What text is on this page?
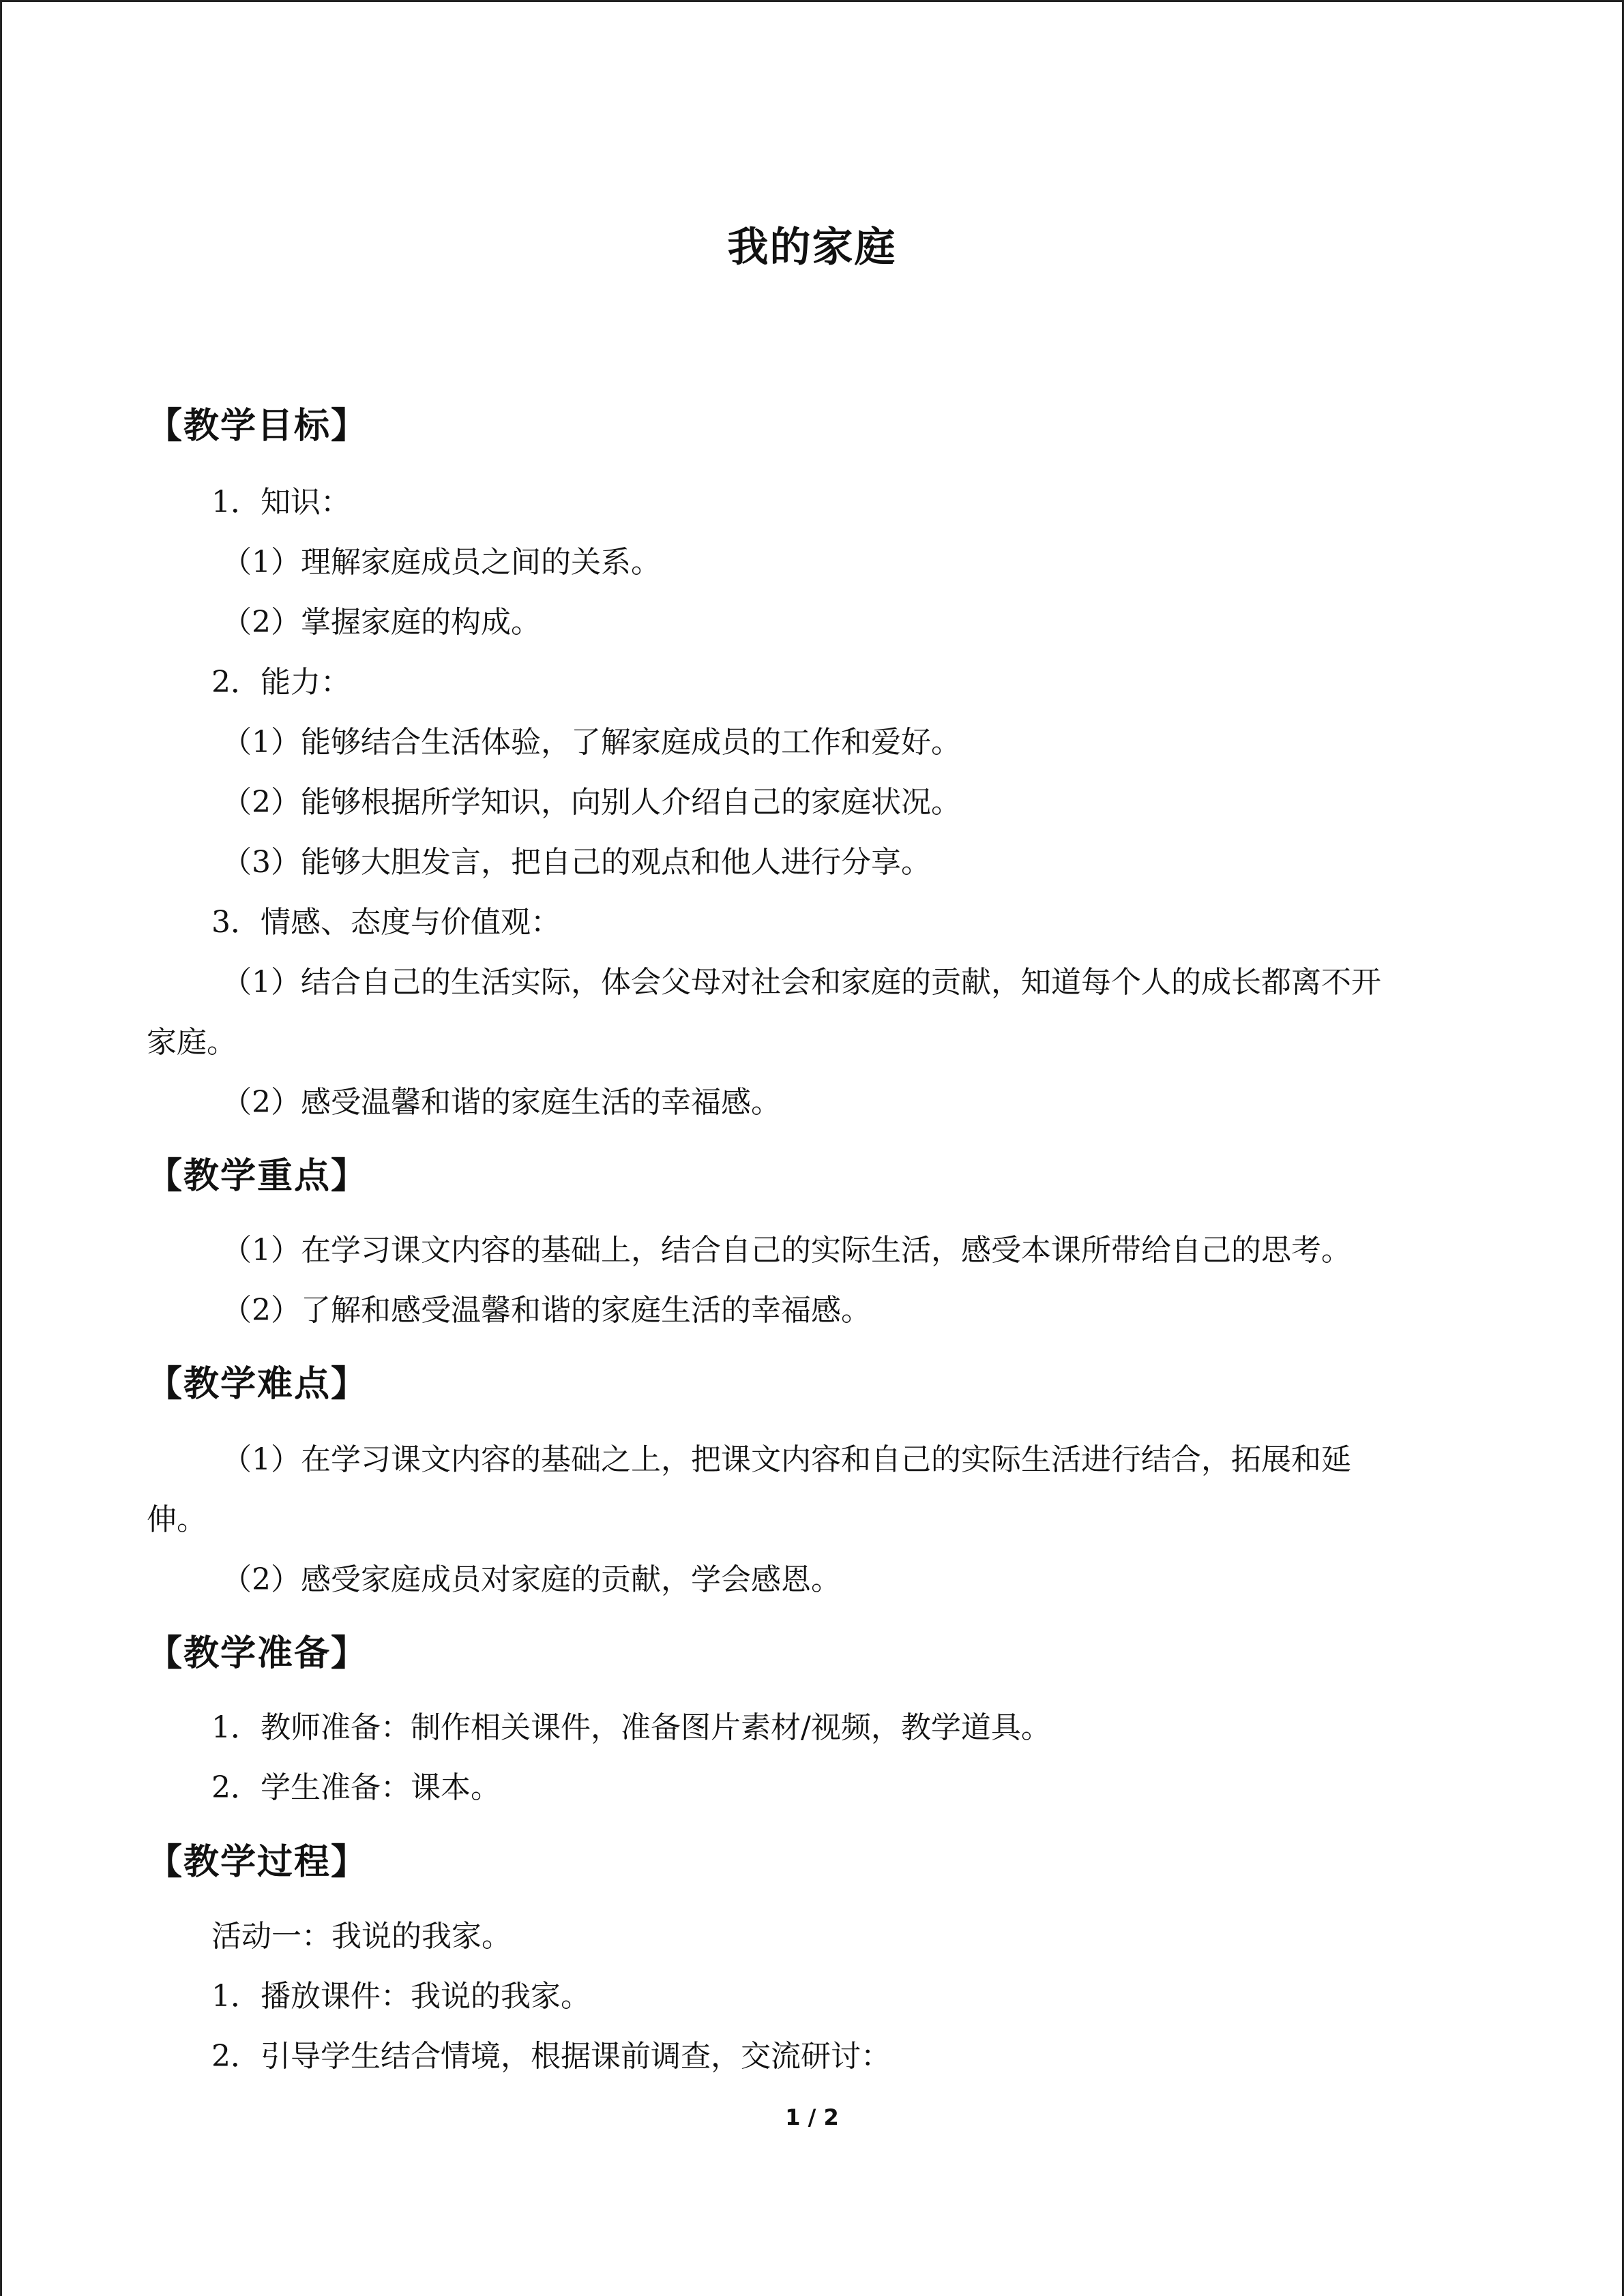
我的家庭
【教学目标】
1．知识：
（1）理解家庭成员之间的关系。
（2）掌握家庭的构成。
2．能力：
（1）能够结合生活体验，了解家庭成员的工作和爱好。
（2）能够根据所学知识，向别人介绍自己的家庭状况。
（3）能够大胆发言，把自己的观点和他人进行分享。
3．情感、态度与价值观：
（1）结合自己的生活实际，体会父母对社会和家庭的贡献，知道每个人的成长都离不开
家庭。
（2）感受温馨和谐的家庭生活的幸福感。
【教学重点】
（1）在学习课文内容的基础上，结合自己的实际生活，感受本课所带给自己的思考。
（2）了解和感受温馨和谐的家庭生活的幸福感。
【教学难点】
（1）在学习课文内容的基础之上，把课文内容和自己的实际生活进行结合，拓展和延
伸。
（2）感受家庭成员对家庭的贡献，学会感恩。
【教学准备】
1．教师准备：制作相关课件，准备图片素材/视频，教学道具。
2．学生准备：课本。
【教学过程】
活动一：我说的我家。
1．播放课件：我说的我家。
2．引导学生结合情境，根据课前调查，交流研讨：
1 / 2
